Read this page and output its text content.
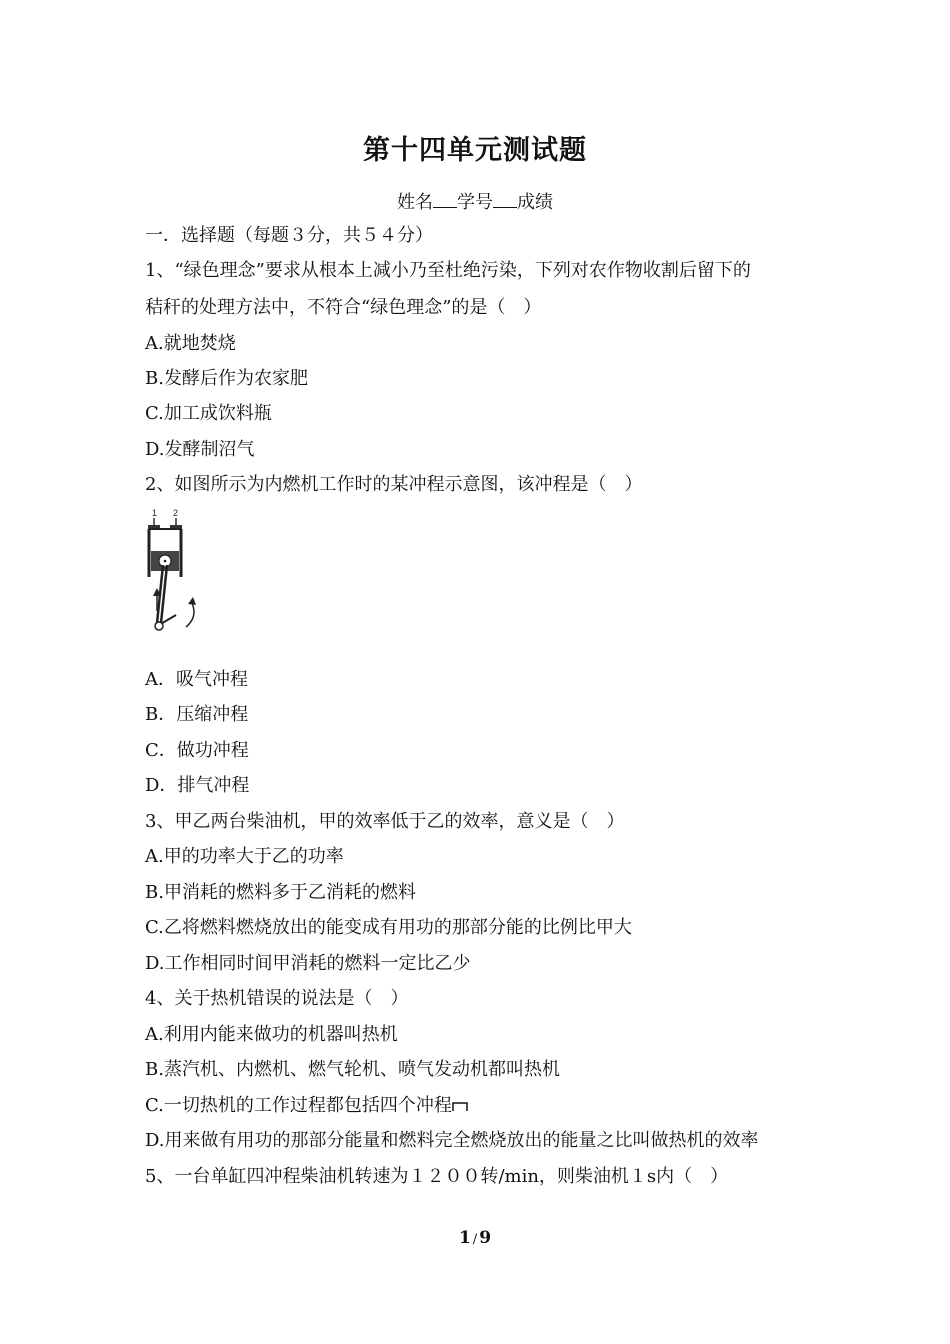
第十四单元测试题
姓名 学号 成绩
一．选择题（每题３分，共５４分）
1、“绿色理念”要求从根本上减小乃至杜绝污染，下列对农作物收割后留下的
秸秆的处理方法中，不符合“绿色理念”的是（　）
A.就地焚烧
B.发酵后作为农家肥
C.加工成饮料瓶
D.发酵制沼气
2、如图所示为内燃机工作时的某冲程示意图，该冲程是（　）
1 2
A．吸气冲程
B．压缩冲程
C．做功冲程
D．排气冲程
3、甲乙两台柴油机，甲的效率低于乙的效率，意义是（　）
A.甲的功率大于乙的功率
B.甲消耗的燃料多于乙消耗的燃料
C.乙将燃料燃烧放出的能变成有用功的那部分能的比例比甲大
D.工作相同时间甲消耗的燃料一定比乙少
4、关于热机错误的说法是（　）
A.利用内能来做功的机器叫热机
B.蒸汽机、内燃机、燃气轮机、喷气发动机都叫热机
C.一切热机的工作过程都包括四个冲程
D.用来做有用功的那部分能量和燃料完全燃烧放出的能量之比叫做热机的效率
5、一台单缸四冲程柴油机转速为１２００转/min，则柴油机１s内（　）
1 / 9
